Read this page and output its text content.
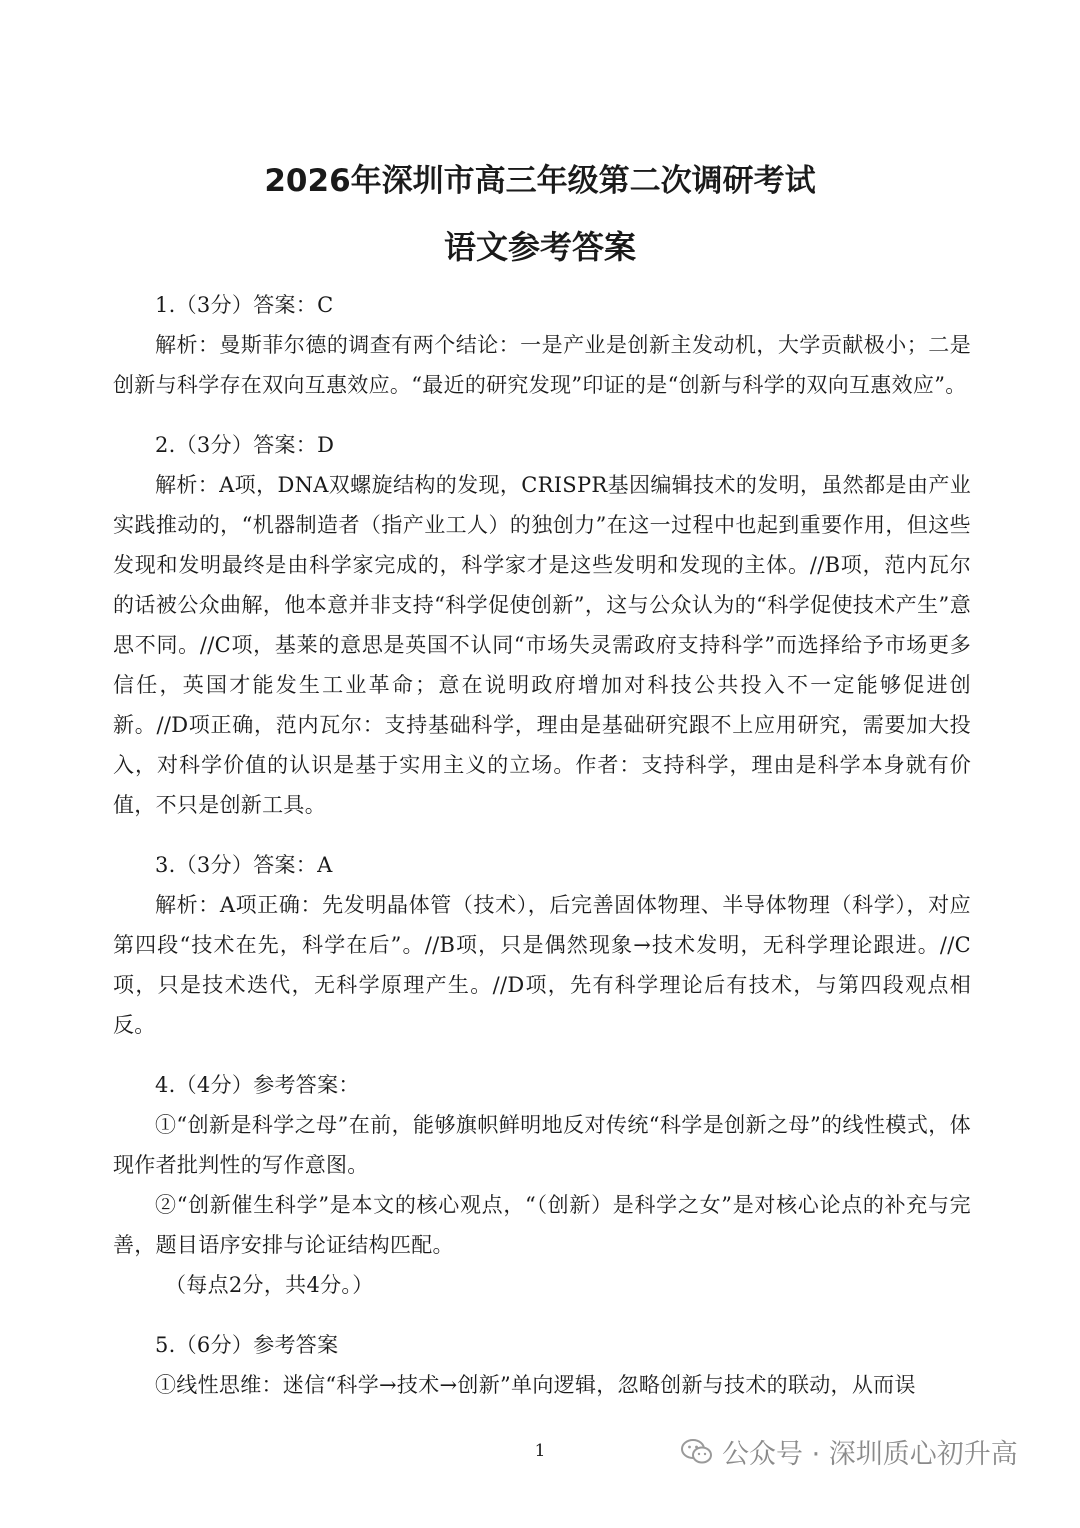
2026年深圳市高三年级第二次调研考试
语文参考答案

1.（3分）答案：C

解析：曼斯菲尔德的调查有两个结论：一是产业是创新主发动机，大学贡献极小；二是创新与科学存在双向互惠效应。“最近的研究发现”印证的是“创新与科学的双向互惠效应”。

2.（3分）答案：D

解析：A项，DNA双螺旋结构的发现，CRISPR基因编辑技术的发明，虽然都是由产业实践推动的，“机器制造者（指产业工人）的独创力”在这一过程中也起到重要作用，但这些发现和发明最终是由科学家完成的，科学家才是这些发明和发现的主体。//B项，范内瓦尔的话被公众曲解，他本意并非支持“科学促使创新”，这与公众认为的“科学促使技术产生”意思不同。//C项，基莱的意思是英国不认同“市场失灵需政府支持科学”而选择给予市场更多信任，英国才能发生工业革命；意在说明政府增加对科技公共投入不一定能够促进创新。//D项正确，范内瓦尔：支持基础科学，理由是基础研究跟不上应用研究，需要加大投入，对科学价值的认识是基于实用主义的立场。作者：支持科学，理由是科学本身就有价值，不只是创新工具。

3.（3分）答案：A

解析：A项正确：先发明晶体管（技术），后完善固体物理、半导体物理（科学），对应第四段“技术在先，科学在后”。//B项，只是偶然现象→技术发明，无科学理论跟进。//C项，只是技术迭代，无科学原理产生。//D项，先有科学理论后有技术，与第四段观点相反。

4.（4分）参考答案：

①“创新是科学之母”在前，能够旗帜鲜明地反对传统“科学是创新之母”的线性模式，体现作者批判性的写作意图。

②“创新催生科学”是本文的核心观点，“（创新）是科学之女”是对核心论点的补充与完善，题目语序安排与论证结构匹配。

（每点2分，共4分。）

5.（6分）参考答案

①线性思维：迷信“科学→技术→创新”单向逻辑，忽略创新与技术的联动，从而误

1	公众号 · 深圳质心初升高
